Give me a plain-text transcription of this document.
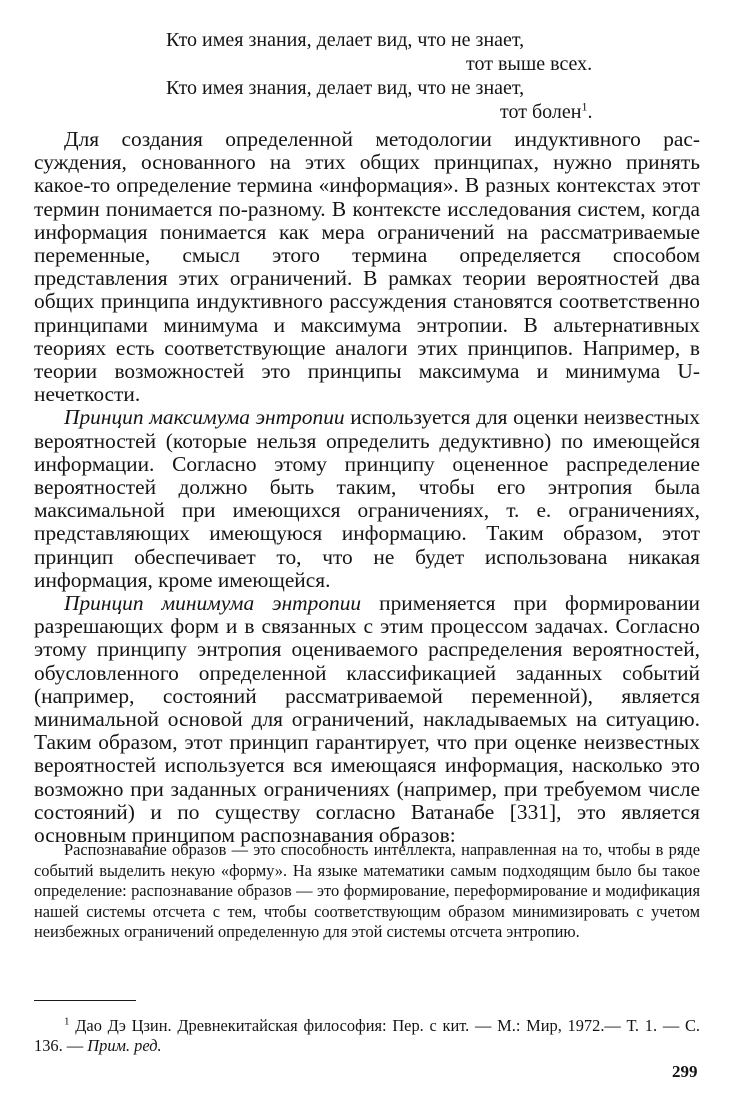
Кто имея знания, делает вид, что не знает,
тот выше всех.
Кто имея знания, делает вид, что не знает,
тот болен$^1$.

Для создания определенной методологии индуктивного рассуждения, основанного на этих общих принципах, нужно принять какое-то определение термина «информация». В разных контекстах этот термин понимается по-разному. В контексте исследования систем, когда информация понимается как мера ограничений на рассматриваемые переменные, смысл этого термина определяется способом представления этих ограничений. В рамках теории вероятностей два общих принципа индуктивного рассуждения становятся соответственно принципами минимума и максимума энтропии. В альтернативных теориях есть соответствующие аналоги этих принципов. Например, в теории возможностей это принципы максимума и минимума U-нечеткости.

Принцип максимума энтропии используется для оценки неизвестных вероятностей (которые нельзя определить дедуктивно) по имеющейся информации. Согласно этому принципу оцененное распределение вероятностей должно быть таким, чтобы его энтропия была максимальной при имеющихся ограничениях, т. е. ограничениях, представляющих имеющуюся информацию. Таким образом, этот принцип обеспечивает то, что не будет использована никакая информация, кроме имеющейся.

Принцип минимума энтропии применяется при формировании разрешающих форм и в связанных с этим процессом задачах. Согласно этому принципу энтропия оцениваемого распределения вероятностей, обусловленного определенной классификацией заданных событий (например, состояний рассматриваемой переменной), является минимальной основой для ограничений, накладываемых на ситуацию. Таким образом, этот принцип гарантирует, что при оценке неизвестных вероятностей используется вся имеющаяся информация, насколько это возможно при заданных ограничениях (например, при требуемом числе состояний) и по существу согласно Ватанабе [331], это является основным принципом распознавания образов:

Распознавание образов — это способность интеллекта, направленная на то, чтобы в ряде событий выделить некую «форму». На языке математики самым подходящим было бы такое определение: распознавание образов — это формирование, переформирование и модификация нашей системы отсчета с тем, чтобы соответствующим образом минимизировать с учетом неизбежных ограничений определенную для этой системы отсчета энтропию.

$^1$ Дао Дэ Цзин. Древнекитайская философия: Пер. с кит. — М.: Мир, 1972.— Т. 1. — С. 136. — Прим. ред.

299
